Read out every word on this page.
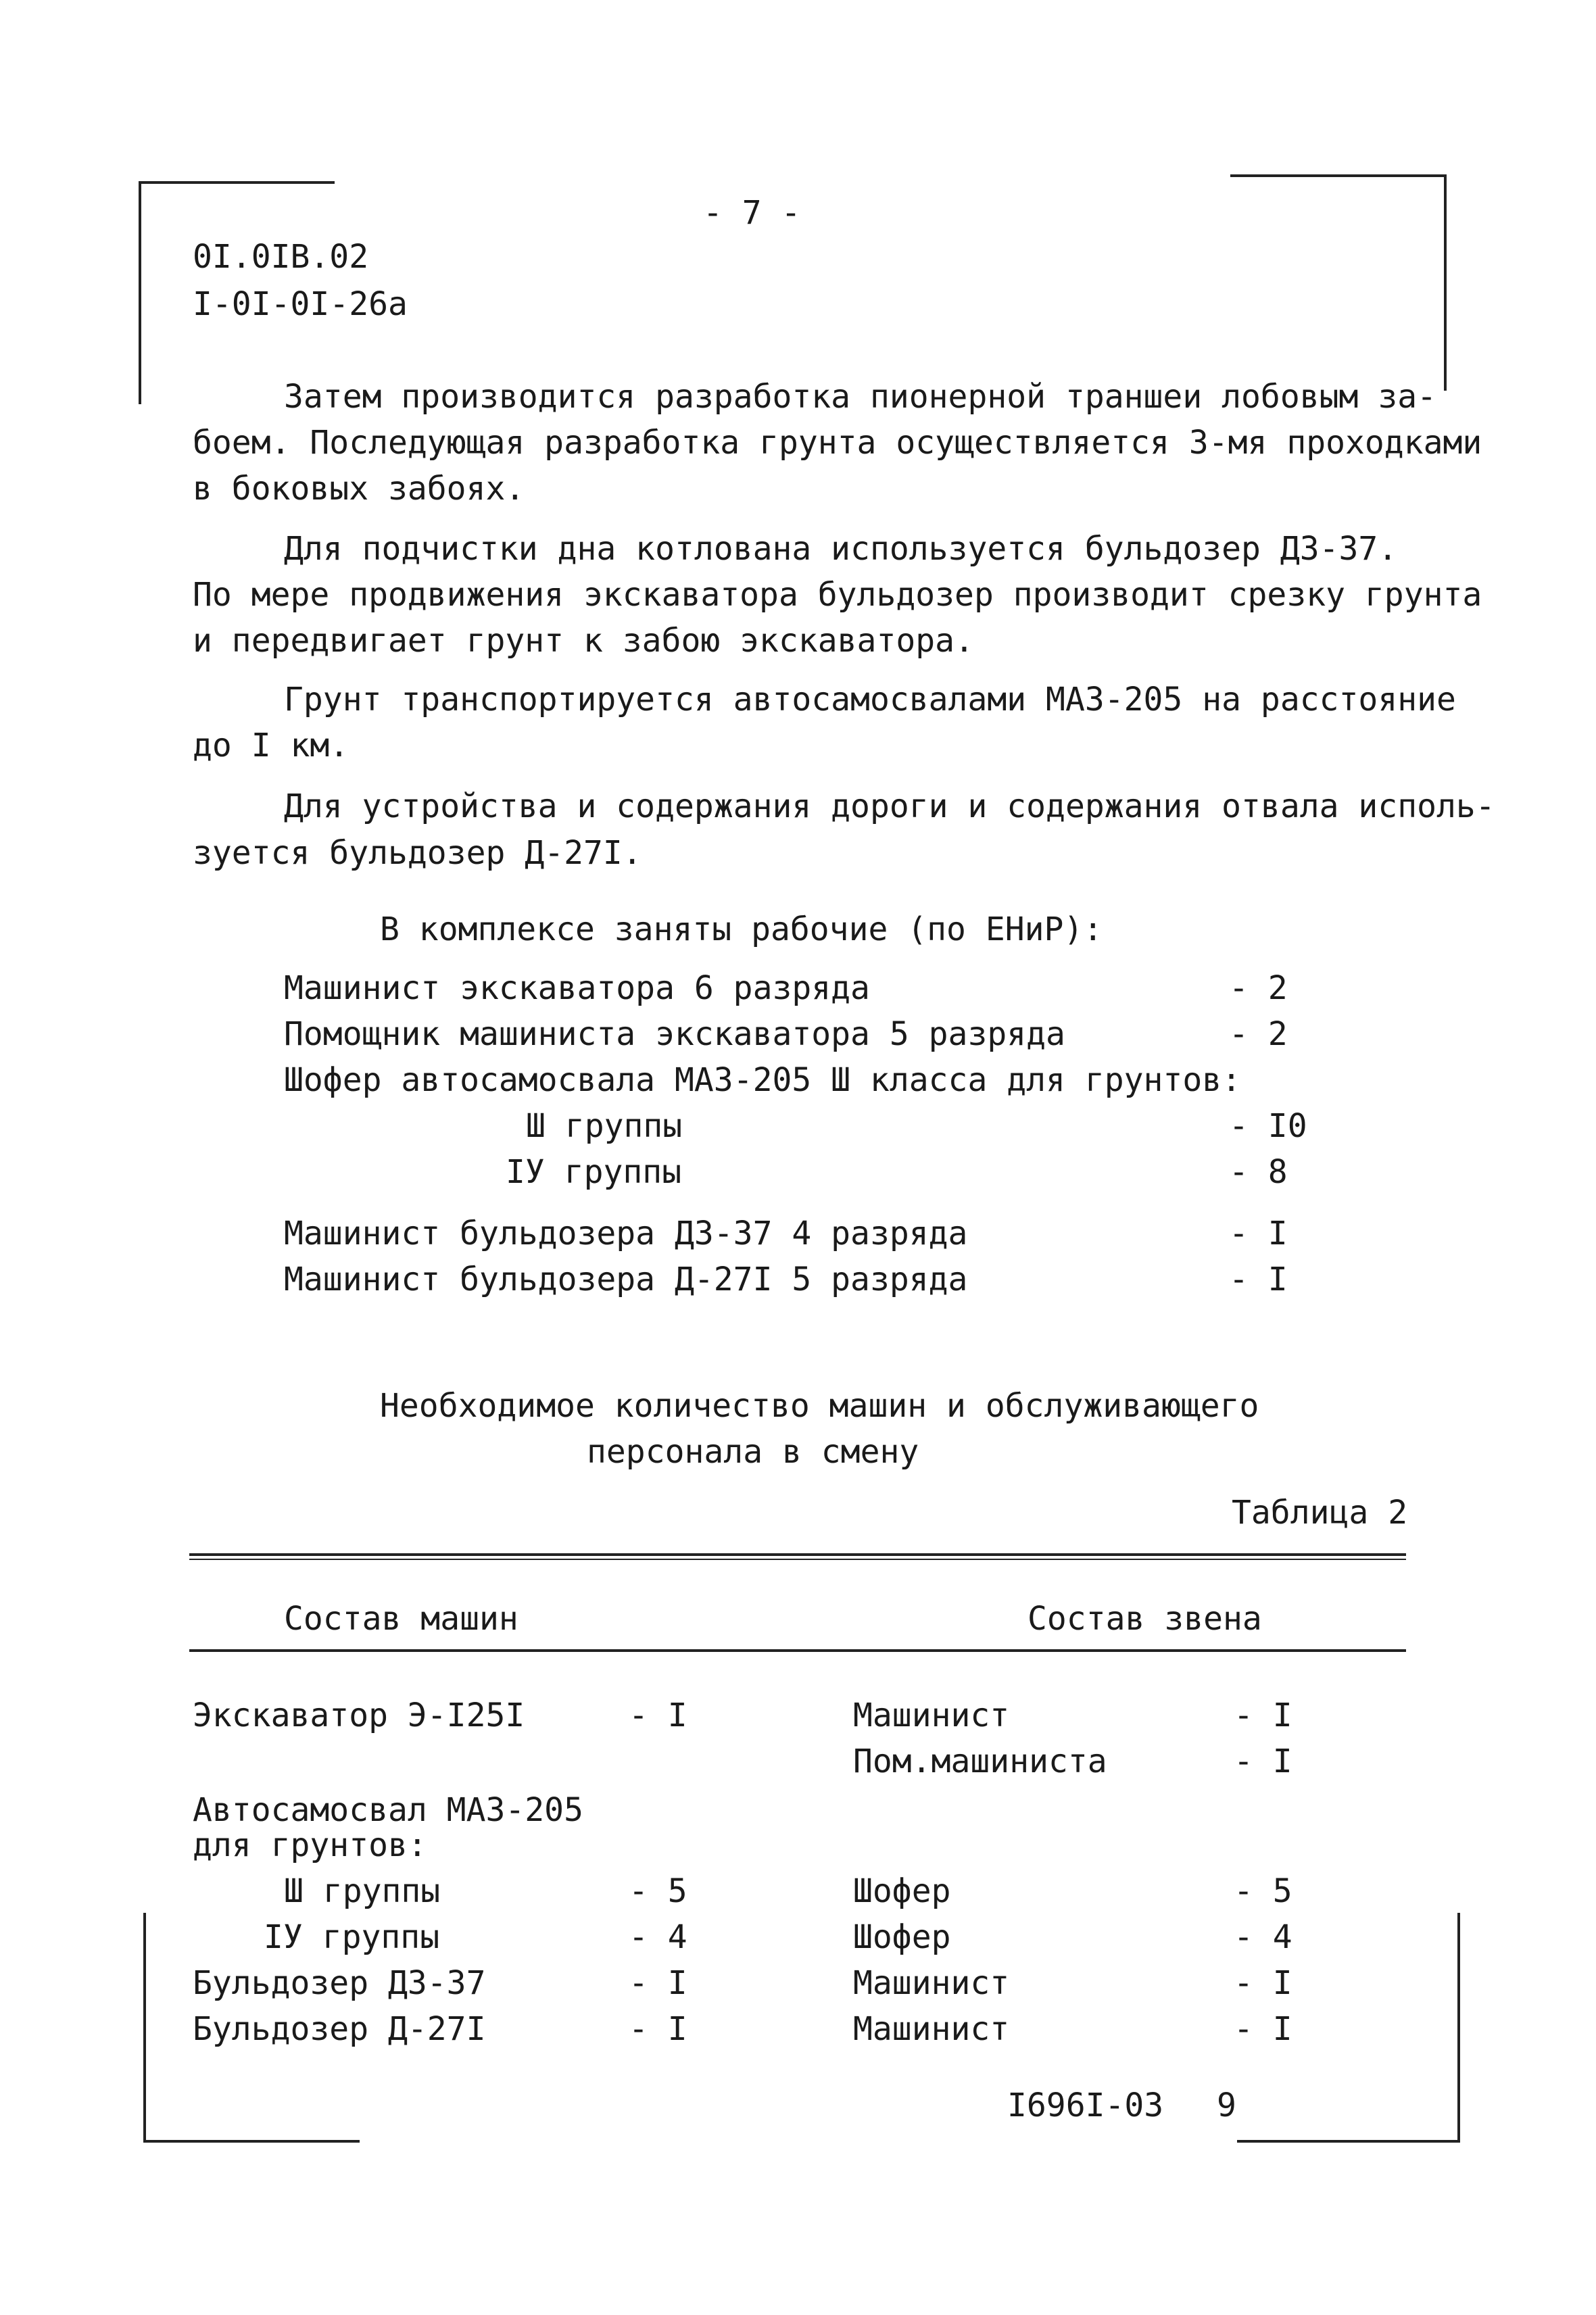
- 7 -
0I.0IB.02
I-0I-0I-26a
Затем производится разработка пионерной траншеи лобовым за-
боем. Последующая разработка грунта осуществляется 3-мя проходками
в боковых забоях.
Для подчистки дна котлована используется бульдозер ДЗ-37.
По мере продвижения экскаватора бульдозер производит срезку грунта
и передвигает грунт к забою экскаватора.
Грунт транспортируется автосамосвалами МАЗ-205 на расстояние
до I км.
Для устройства и содержания дороги и содержания отвала исполь-
зуется бульдозер Д-27I.
В комплексе заняты рабочие (по ЕНиР):
Машинист экскаватора 6 разряда	- 2
Помощник машиниста экскаватора 5 разряда	- 2
Шофер автосамосвала МАЗ-205 Ш класса для грунтов:
Ш группы	- I0
IУ группы	- 8
Машинист бульдозера ДЗ-37 4 разряда	- I
Машинист бульдозера Д-27I 5 разряда	- I
Необходимое количество машин и обслуживающего
персонала в смену
Таблица 2
Состав машин	Состав звена
Экскаватор Э-I25I	- I	Машинист	- I
Пом.машиниста	- I
Автосамосвал МАЗ-205
для грунтов:
Ш группы	- 5	Шофер	- 5
IУ группы	- 4	Шофер	- 4
Бульдозер ДЗ-37	- I	Машинист	- I
Бульдозер Д-27I	- I	Машинист	- I
I696I-03 9
